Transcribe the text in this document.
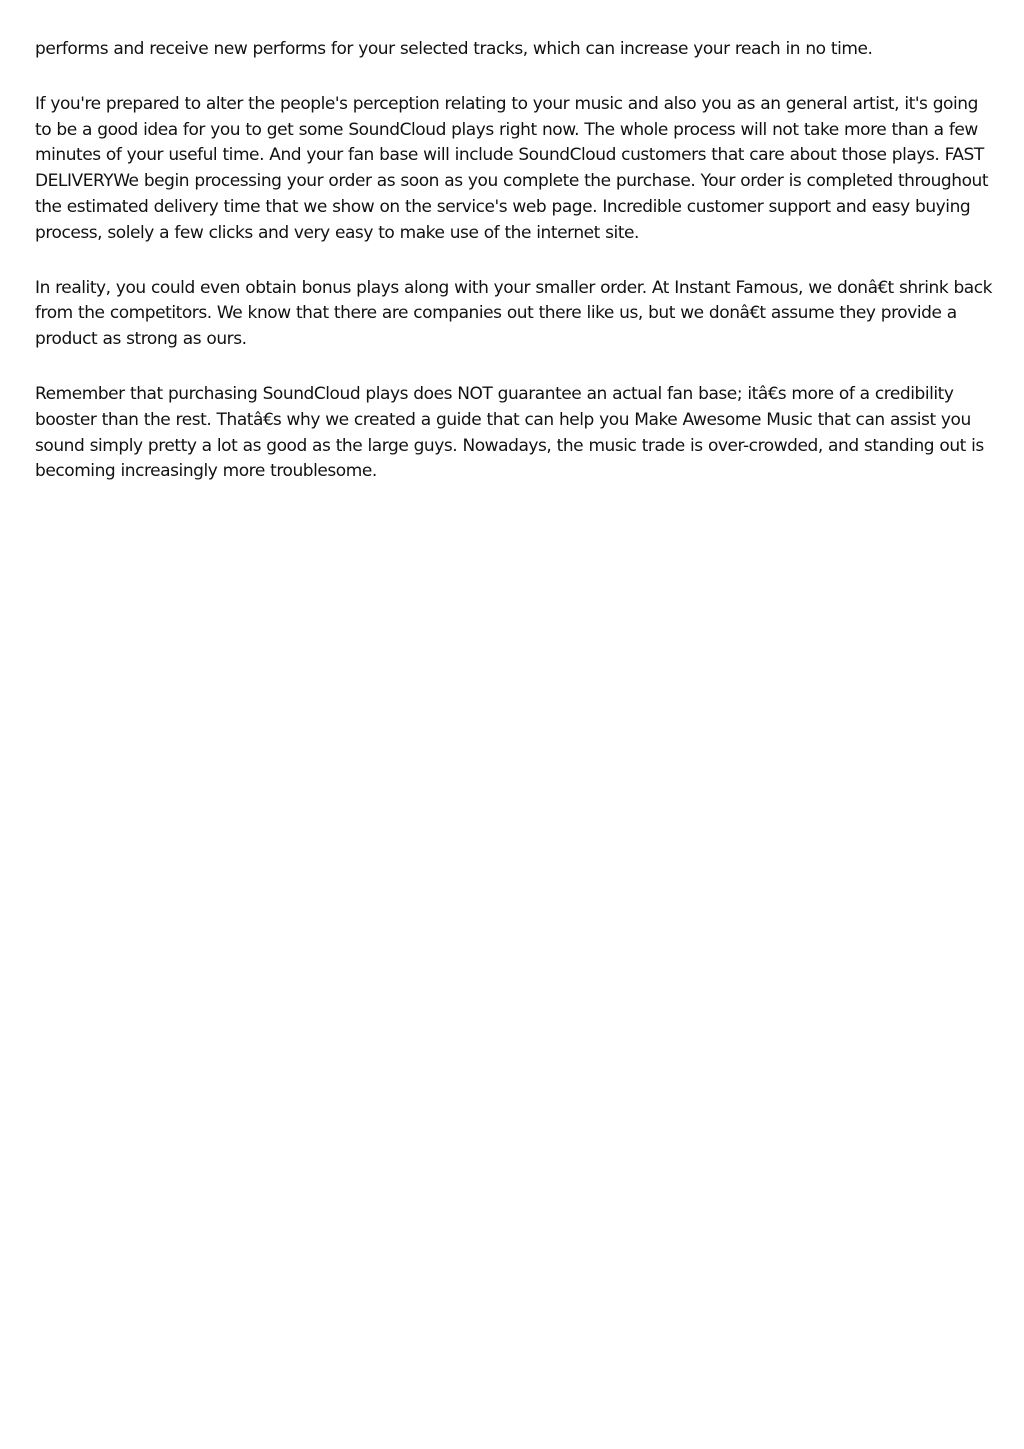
performs and receive new performs for your selected tracks, which can increase your reach in no time.

If you're prepared to alter the people's perception relating to your music and also you as an general artist, it's going to be a good idea for you to get some SoundCloud plays right now. The whole process will not take more than a few minutes of your useful time. And your fan base will include SoundCloud customers that care about those plays. FAST DELIVERYWe begin processing your order as soon as you complete the purchase. Your order is completed throughout the estimated delivery time that we show on the service's web page. Incredible customer support and easy buying process, solely a few clicks and very easy to make use of the internet site.

In reality, you could even obtain bonus plays along with your smaller order. At Instant Famous, we donâ€t shrink back from the competitors. We know that there are companies out there like us, but we donâ€t assume they provide a product as strong as ours.

Remember that purchasing SoundCloud plays does NOT guarantee an actual fan base; itâ€s more of a credibility booster than the rest. Thatâ€s why we created a guide that can help you Make Awesome Music that can assist you sound simply pretty a lot as good as the large guys. Nowadays, the music trade is over-crowded, and standing out is becoming increasingly more troublesome.
